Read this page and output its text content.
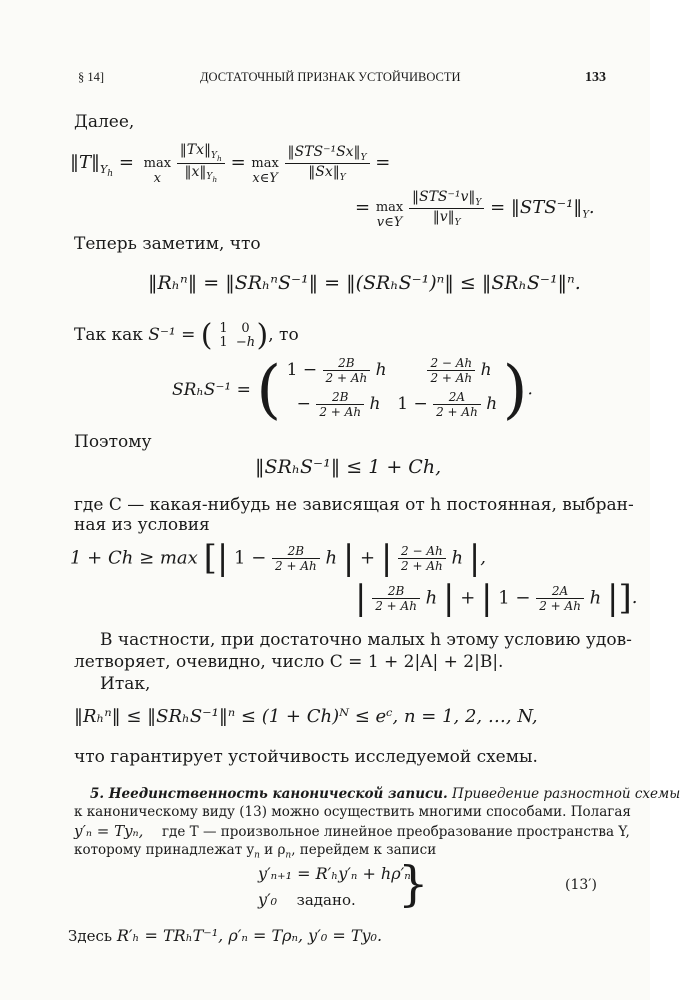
§ 14]	ДОСТАТОЧНЫЙ ПРИЗНАК УСТОЙЧИВОСТИ	133
Далее,
$‖T‖_{Y_h} = \max$
x
	$\frac{‖Tx‖_{Y_h}}{‖x‖_{Y_h}} = \max$
x∈Y
$\frac{‖STS^{-1}Sx‖_Y}{‖Sx‖_Y}$ =
= max
v∈Y
$\frac{‖STS^{-1}v‖_Y}{‖v‖_Y}$ = $‖STS^{-1}‖_Y$.
Теперь заметим, что
‖Rₕⁿ‖ = ‖SRₕⁿS⁻¹‖ = ‖(SRₕS⁻¹)ⁿ‖ ≤ ‖SRₕS⁻¹‖ⁿ.
Так как S⁻¹ = ( 1 0
1 −h), то
SRₕS⁻¹ = ( $1 - \frac{2B}{2 + Ah}$ h	$\frac{2 - Ah}{2 + Ah}$ h
− $\frac{2B}{2 + Ah}$ h $1 - \frac{2A}{2 + Ah}$ h ).
Поэтому
‖SRₕS⁻¹‖ ≤ 1 + Ch,
где C — какая-нибудь не зависящая от h постоянная, выбран-
ная из условия
1 + Ch ≥ max [| $1 - \frac{2B}{2 + Ah}$ h | + | $\frac{2 - Ah}{2 + Ah}$ h |,
| $\frac{2B}{2 + Ah}$ h | + | $1 - \frac{2A}{2 + Ah}$ h |].
В частности, при достаточно малых h этому условию удов-
летворяет, очевидно, число C = 1 + 2|A| + 2|B|.
Итак,
‖Rₕⁿ‖ ≤ ‖SRₕS⁻¹‖ⁿ ≤ (1 + Ch)ᴺ ≤ eᶜ, n = 1, 2, …, N,
что гарантирует устойчивость исследуемой схемы.
5. Неединственность канонической записи. Приведение разностной схемы
к каноническому виду (13) можно осуществить многими способами. Полагая
y′ₙ = Tyₙ, где T — произвольное линейное преобразование пространства Y,
которому принадлежат $y_n$ и $\rho_n$, перейдем к записи
y′ₙ₊₁ = R′ₕy′ₙ + hρ′ₙ,
y′₀ задано. }	(13′)
Здесь R′ₕ = TRₕT⁻¹, ρ′ₙ = Tρₙ, y′₀ = Ty₀.
